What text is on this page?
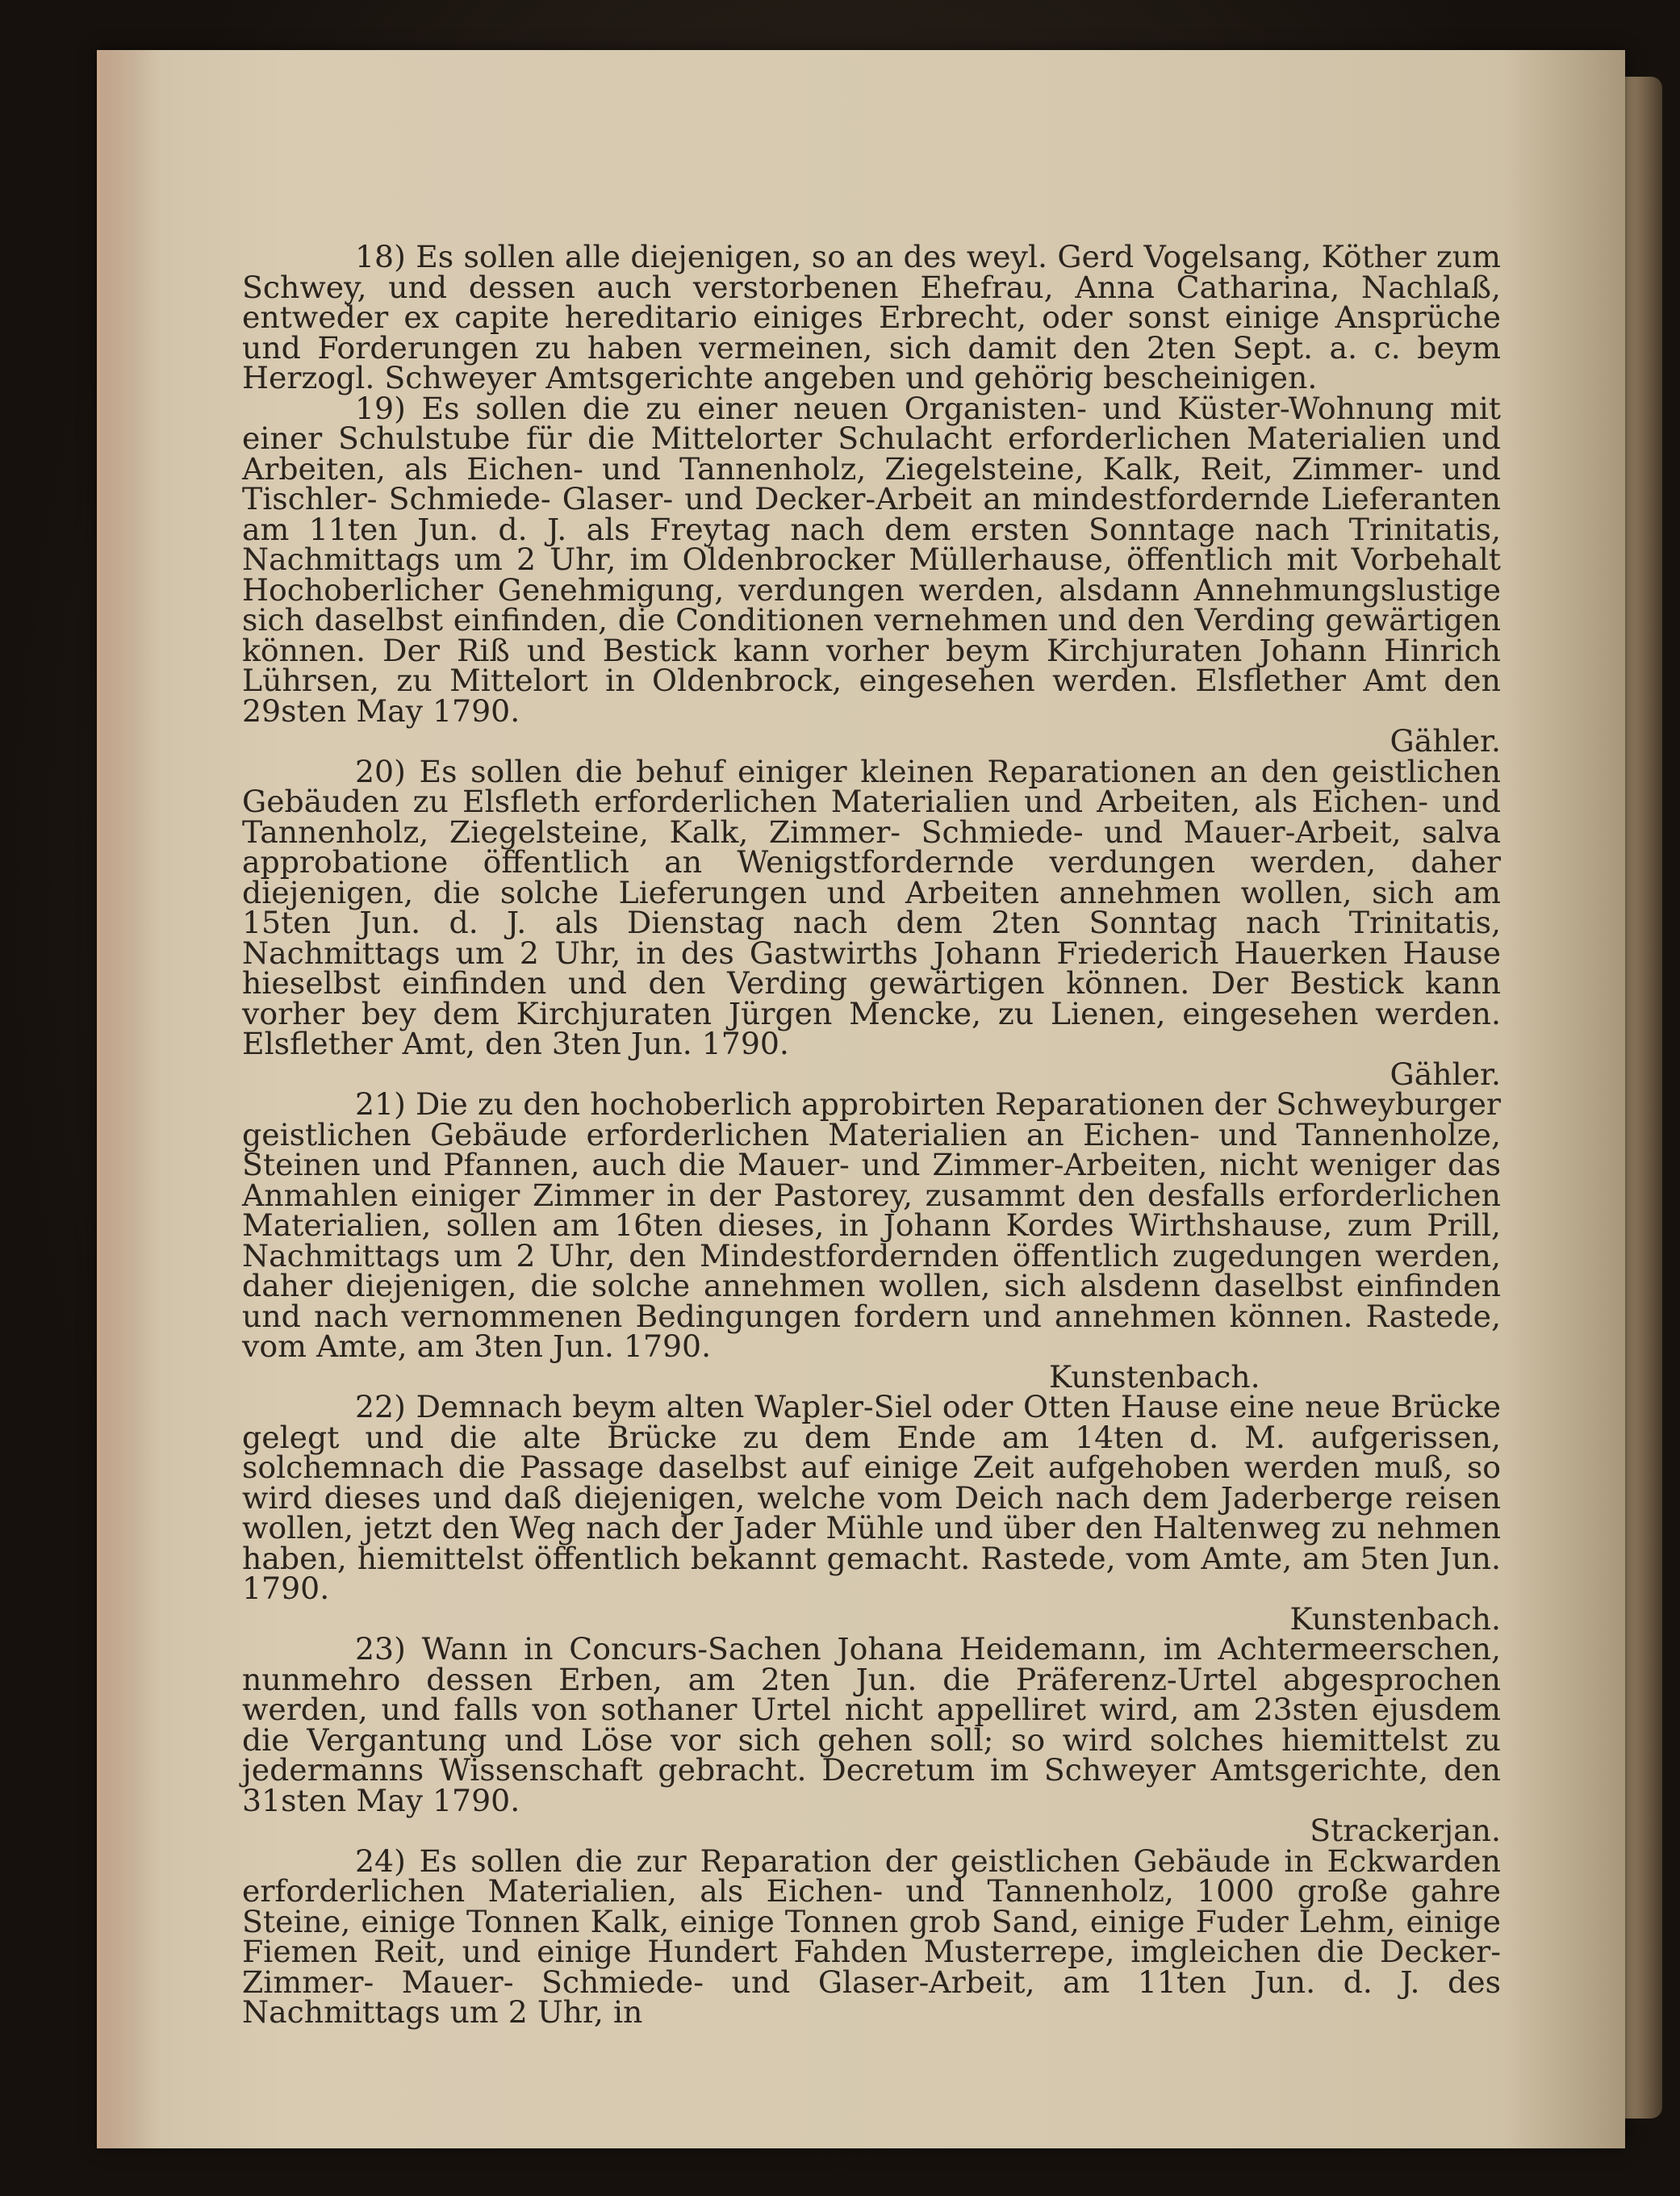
18) Es sollen alle diejenigen, so an des weyl. Gerd Vogelsang, Köther zum Schwey, und dessen auch verstorbenen Ehefrau, Anna Catharina, Nachlaß, entweder ex capite hereditario einiges Erbrecht, oder sonst einige Ansprüche und Forderungen zu haben vermeinen, sich damit den 2ten Sept. a. c. beym Herzogl. Schweyer Amtsgerichte angeben und gehörig bescheinigen.

19) Es sollen die zu einer neuen Organisten- und Küster-Wohnung mit einer Schulstube für die Mittelorter Schulacht erforderlichen Materialien und Arbeiten, als Eichen- und Tannenholz, Ziegelsteine, Kalk, Reit, Zimmer- und Tischler- Schmiede- Glaser- und Decker-Arbeit an mindestfordernde Lieferanten am 11ten Jun. d. J. als Freytag nach dem ersten Sonntage nach Trinitatis, Nachmittags um 2 Uhr, im Oldenbrocker Müllerhause, öffentlich mit Vorbehalt Hochoberlicher Genehmigung, verdungen werden, alsdann Annehmungslustige sich daselbst einfinden, die Conditionen vernehmen und den Verding gewärtigen können. Der Riß und Bestick kann vorher beym Kirchjuraten Johann Hinrich Lührsen, zu Mittelort in Oldenbrock, eingesehen werden. Elsflether Amt den 29sten May 1790.

Gähler.

20) Es sollen die behuf einiger kleinen Reparationen an den geistlichen Gebäuden zu Elsfleth erforderlichen Materialien und Arbeiten, als Eichen- und Tannenholz, Ziegelsteine, Kalk, Zimmer- Schmiede- und Mauer-Arbeit, salva approbatione öffentlich an Wenigstfordernde verdungen werden, daher diejenigen, die solche Lieferungen und Arbeiten annehmen wollen, sich am 15ten Jun. d. J. als Dienstag nach dem 2ten Sonntag nach Trinitatis, Nachmittags um 2 Uhr, in des Gastwirths Johann Friederich Hauerken Hause hieselbst einfinden und den Verding gewärtigen können. Der Bestick kann vorher bey dem Kirchjuraten Jürgen Mencke, zu Lienen, eingesehen werden. Elsflether Amt, den 3ten Jun. 1790.

Gähler.

21) Die zu den hochoberlich approbirten Reparationen der Schweyburger geistlichen Gebäude erforderlichen Materialien an Eichen- und Tannenholze, Steinen und Pfannen, auch die Mauer- und Zimmer-Arbeiten, nicht weniger das Anmahlen einiger Zimmer in der Pastorey, zusammt den desfalls erforderlichen Materialien, sollen am 16ten dieses, in Johann Kordes Wirthshause, zum Prill, Nachmittags um 2 Uhr, den Mindestfordernden öffentlich zugedungen werden, daher diejenigen, die solche annehmen wollen, sich alsdenn daselbst einfinden und nach vernommenen Bedingungen fordern und annehmen können. Rastede, vom Amte, am 3ten Jun. 1790.

Kunstenbach.

22) Demnach beym alten Wapler-Siel oder Otten Hause eine neue Brücke gelegt und die alte Brücke zu dem Ende am 14ten d. M. aufgerissen, solchemnach die Passage daselbst auf einige Zeit aufgehoben werden muß, so wird dieses und daß diejenigen, welche vom Deich nach dem Jaderberge reisen wollen, jetzt den Weg nach der Jader Mühle und über den Haltenweg zu nehmen haben, hiemittelst öffentlich bekannt gemacht. Rastede, vom Amte, am 5ten Jun. 1790.

Kunstenbach.

23) Wann in Concurs-Sachen Johana Heidemann, im Achtermeerschen, nunmehro dessen Erben, am 2ten Jun. die Präferenz-Urtel abgesprochen werden, und falls von sothaner Urtel nicht appelliret wird, am 23sten ejusdem die Vergantung und Löse vor sich gehen soll; so wird solches hiemittelst zu jedermanns Wissenschaft gebracht. Decretum im Schweyer Amtsgerichte, den 31sten May 1790.

Strackerjan.

24) Es sollen die zur Reparation der geistlichen Gebäude in Eckwarden erforderlichen Materialien, als Eichen- und Tannenholz, 1000 große gahre Steine, einige Tonnen Kalk, einige Tonnen grob Sand, einige Fuder Lehm, einige Fiemen Reit, und einige Hundert Fahden Musterrepe, imgleichen die Decker- Zimmer- Mauer- Schmiede- und Glaser-Arbeit, am 11ten Jun. d. J. des Nachmittags um 2 Uhr, in
